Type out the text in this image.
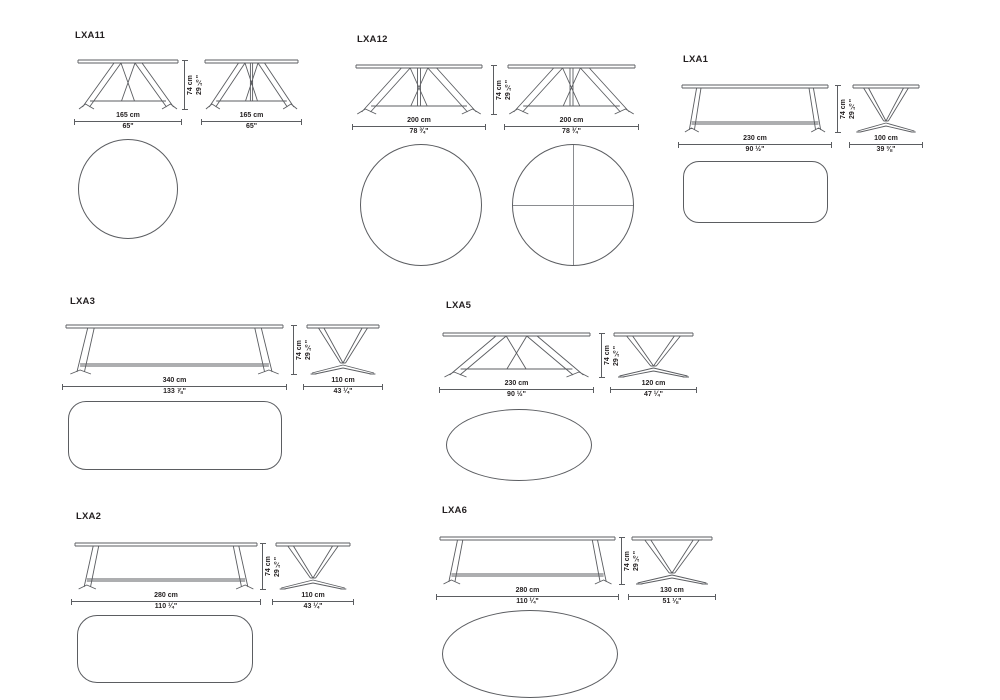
LXA11
165 cm
65"
165 cm
65"
74 cm 29 ⅛"
LXA12
200 cm
78 ¾"
200 cm
78 ¾"
74 cm 29 ⅛"
LXA1
230 cm
90 ½"
100 cm
39 ⅜"
74 cm 29 ⅛"
LXA3
340 cm
133 ⅞"
110 cm
43 ¼"
74 cm 29 ⅛"
LXA5
230 cm
90 ½"
120 cm
47 ¼"
74 cm 29 ⅛"
LXA2
280 cm
110 ¼"
110 cm
43 ¼"
74 cm 29 ⅛"
LXA6
280 cm
110 ¼"
130 cm
51 ⅛"
74 cm 29 ⅛"
